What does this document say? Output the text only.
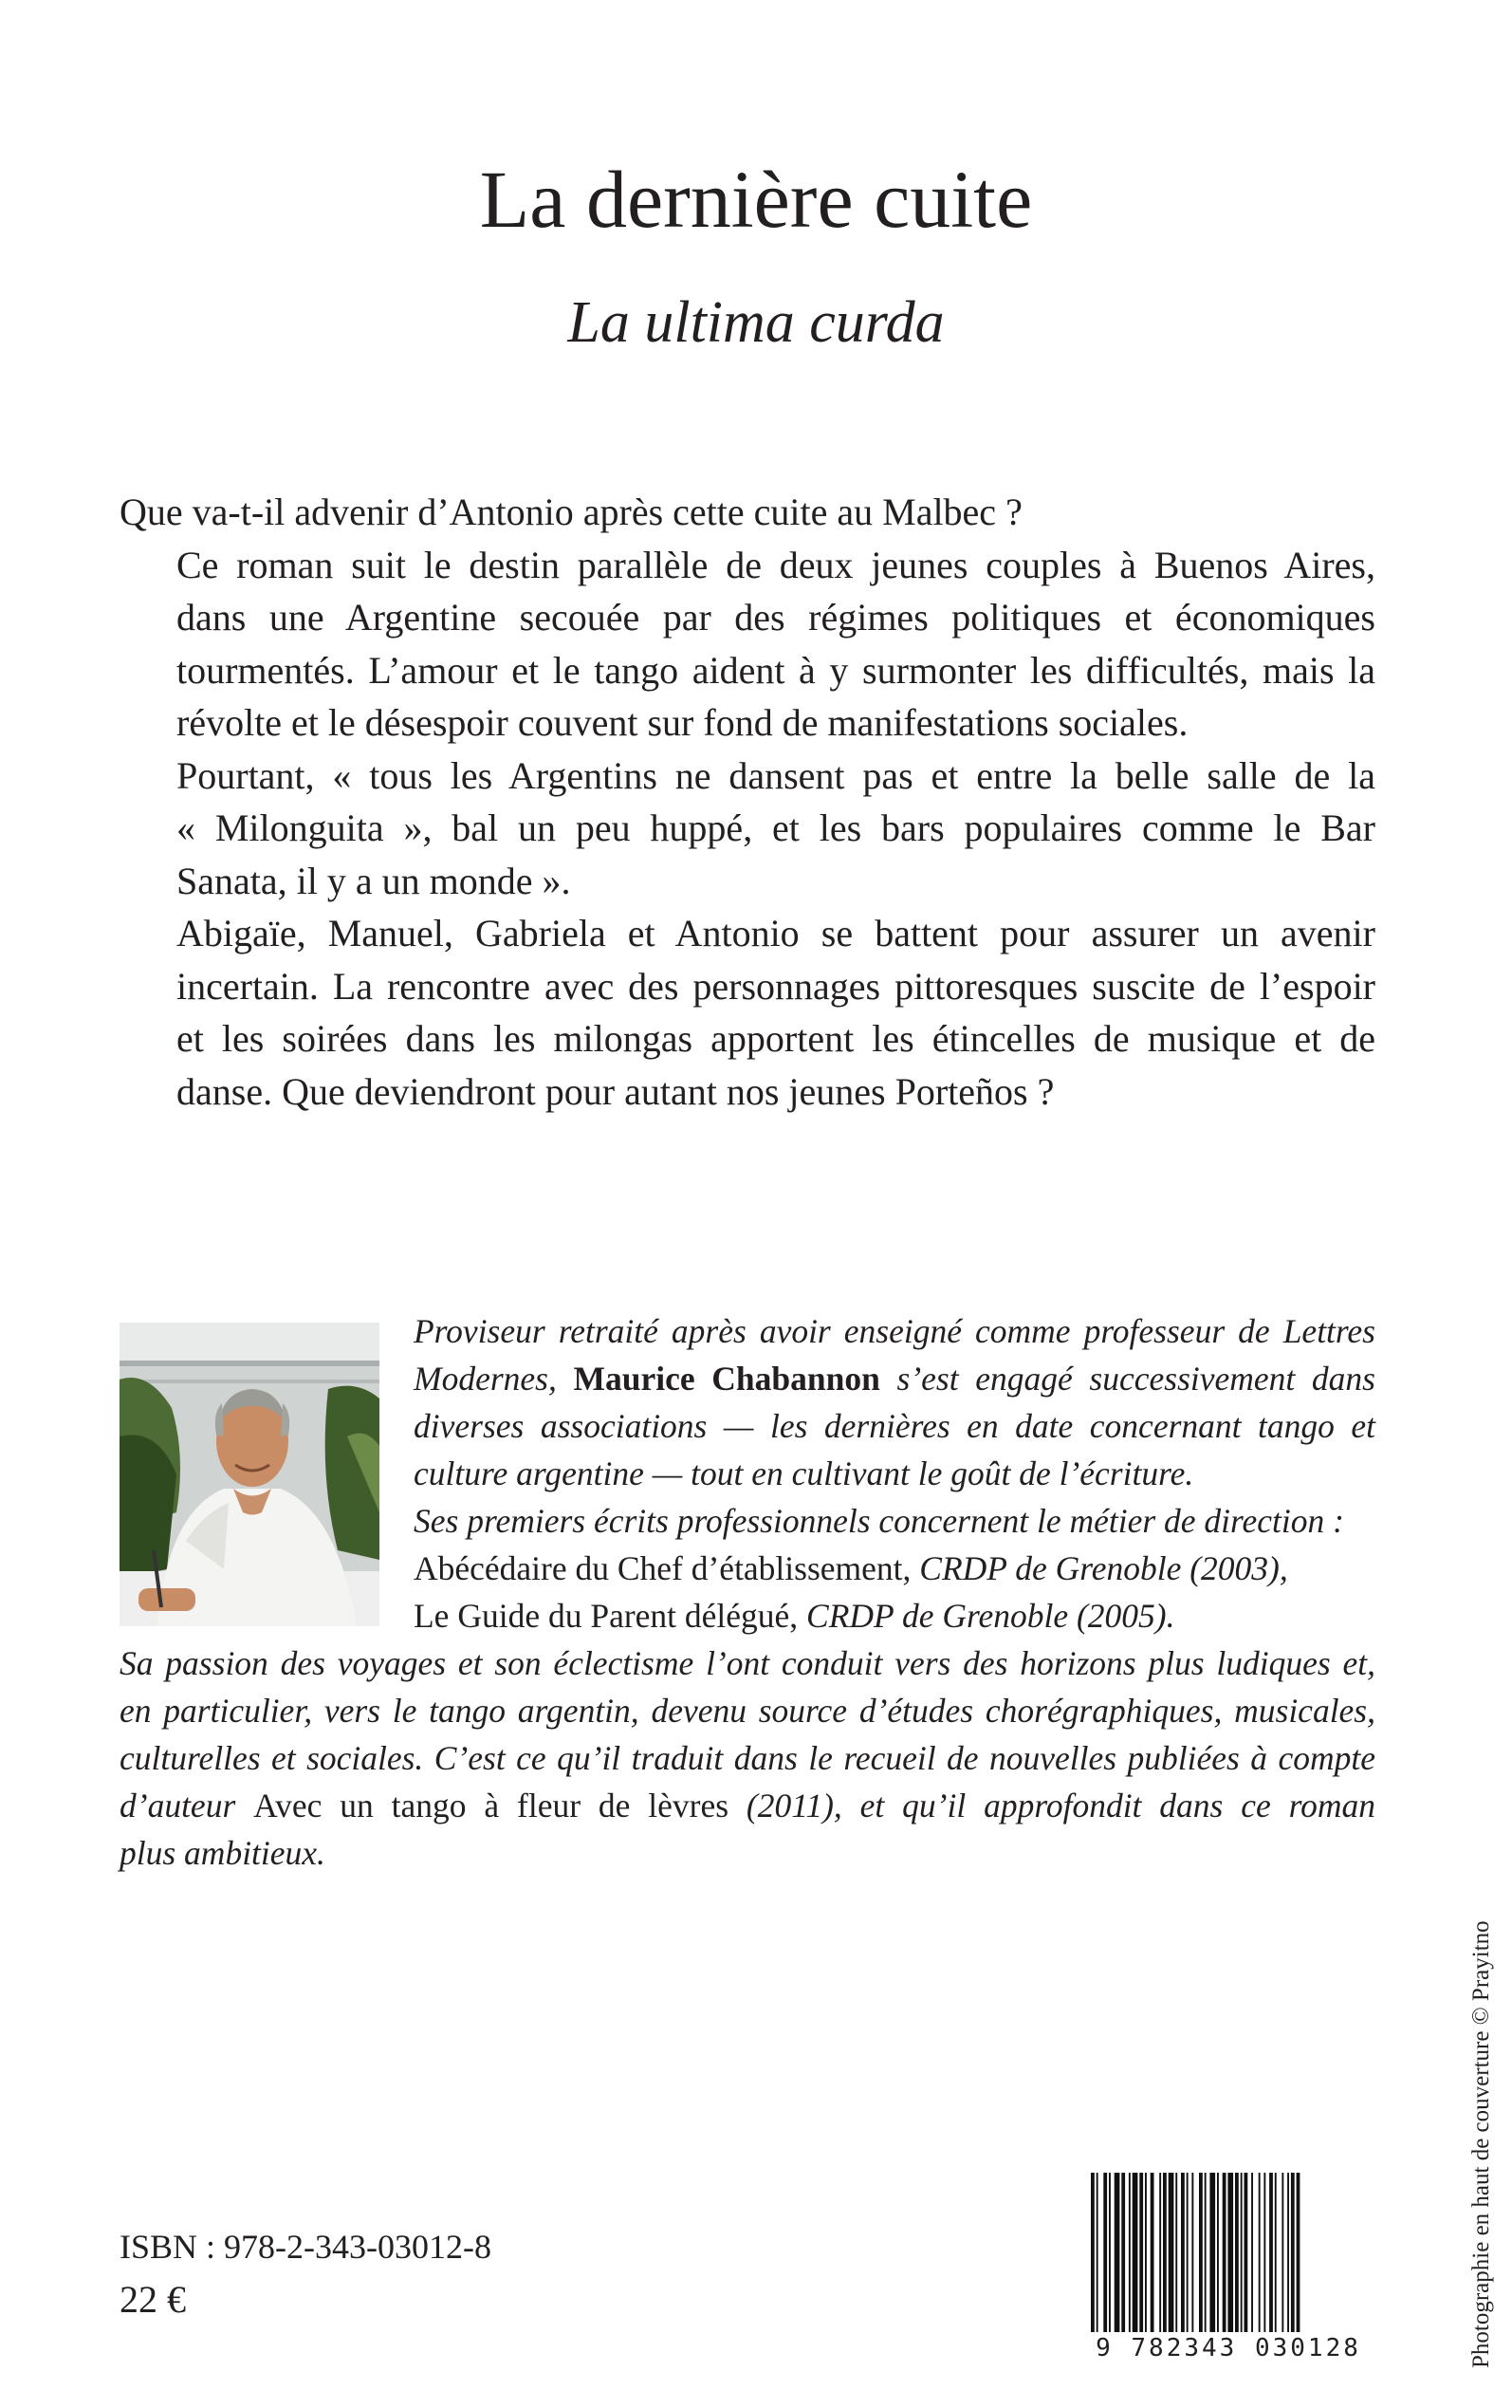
La dernière cuite
La ultima curda

Que va-t-il advenir d’Antonio après cette cuite au Malbec ?

Ce roman suit le destin parallèle de deux jeunes couples à Buenos Aires,
dans une Argentine secouée par des régimes politiques et économiques
tourmentés. L’amour et le tango aident à y surmonter les difficultés, mais la
révolte et le désespoir couvent sur fond de manifestations sociales.

Pourtant, « tous les Argentins ne dansent pas et entre la belle salle de la
« Milonguita », bal un peu huppé, et les bars populaires comme le Bar
Sanata, il y a un monde ».

Abigaïe, Manuel, Gabriela et Antonio se battent pour assurer un avenir
incertain. La rencontre avec des personnages pittoresques suscite de l’espoir
et les soirées dans les milongas apportent les étincelles de musique et de
danse. Que deviendront pour autant nos jeunes Porteños ?

Proviseur retraité après avoir enseigné comme professeur de Lettres
Modernes, Maurice Chabannon s’est engagé successivement dans
diverses associations — les dernières en date concernant tango et
culture argentine — tout en cultivant le goût de l’écriture.
Ses premiers écrits professionnels concernent le métier de direction :
Abécédaire du Chef d’établissement, CRDP de Grenoble (2003),
Le Guide du Parent délégué, CRDP de Grenoble (2005).
Sa passion des voyages et son éclectisme l’ont conduit vers des horizons plus ludiques et,
en particulier, vers le tango argentin, devenu source d’études chorégraphiques, musicales,
culturelles et sociales. C’est ce qu’il traduit dans le recueil de nouvelles publiées à compte
d’auteur Avec un tango à fleur de lèvres (2011), et qu’il approfondit dans ce roman
plus ambitieux.
Photographie en haut de couverture © Prayitno
ISBN : 978-2-343-03012-8
22 €
9 782343 030128
